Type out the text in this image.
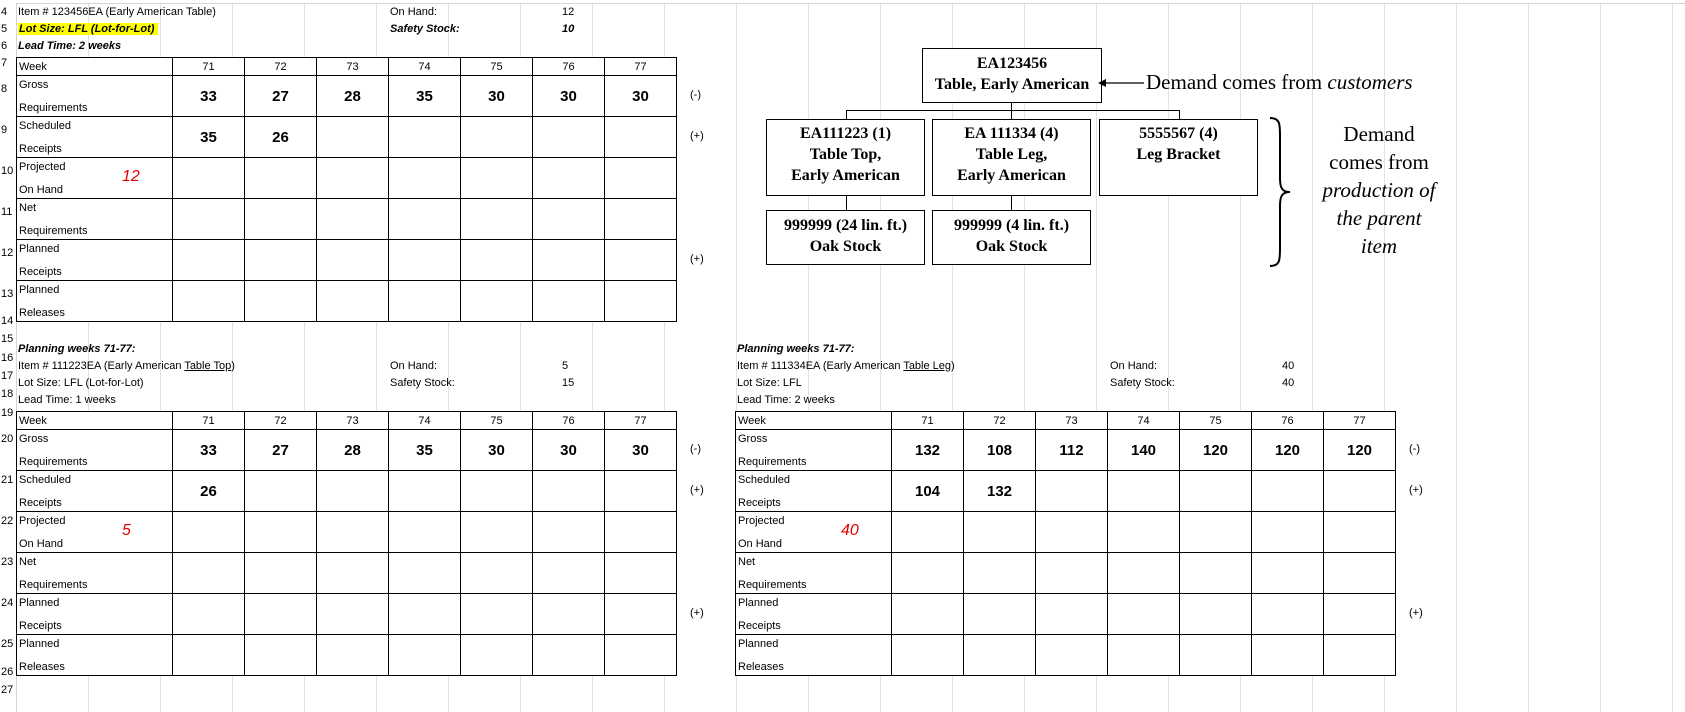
4
5
6
7
8
9
10
11
12
13
14
15
16
17
18
19
20
21
22
23
24
25
26
27
Item # 123456EA (Early American Table)
Lot Size: LFL (Lot-for-Lot)
Lead Time: 2 weeks
On Hand:	12
Safety Stock:	10
Week	71	72	73	74	75	76	77

Gross
Requirements	33	27	28	35	30	30	30

Scheduled
Receipts	35	26					

Projected
On Hand
12							

Net
Requirements							

Planned
Receipts							

Planned
Releases							

Planning weeks 71-77:
Item # 111223EA (Early American Table Top)
Lot Size: LFL (Lot-for-Lot)
Lead Time: 1 weeks
On Hand:	5
Safety Stock:	15
Week	71	72	73	74	75	76	77

Gross
Requirements	33	27	28	35	30	30	30

Scheduled
Receipts	26						

Projected
On Hand
5							

Net
Requirements							

Planned
Receipts							

Planned
Releases							

Planning weeks 71-77:
Item # 111334EA (Early American Table Leg)
Lot Size: LFL
Lead Time: 2 weeks
On Hand:	40
Safety Stock:	40
Week	71	72	73	74	75	76	77

Gross
Requirements	132	108	112	140	120	120	120

Scheduled
Receipts	104	132					

Projected
On Hand
40							

Net
Requirements							

Planned
Receipts							

Planned
Releases							

EA123456
Table, Early American
EA111223 (1)
Table Top,
Early American
EA 111334 (4)
Table Leg,
Early American
5555567 (4)
Leg Bracket
999999 (24 lin. ft.)
Oak Stock
999999 (4 lin. ft.)
Oak Stock
Demand comes from customers
Demand
comes from
production of
the parent
item
(-)
(+)
(+)
(-)
(+)
(+)
(-)
(+)
(+)
